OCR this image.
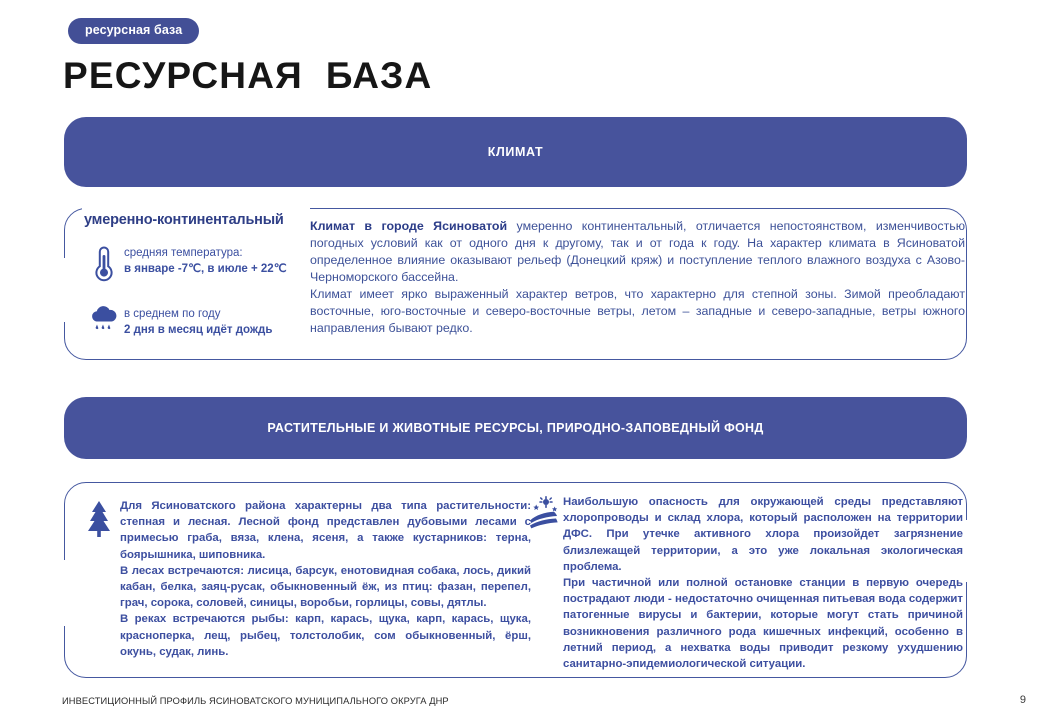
ресурсная база
РЕСУРСНАЯ  БАЗА
КЛИМАТ
умеренно-континентальный
средняя температура:
в январе -7℃, в июле + 22℃
в среднем по году
2 дня в месяц идёт дождь

Климат в городе Ясиноватой умеренно континентальный, отличается непостоянством, изменчивостью погодных условий как от одного дня к другому, так и от года к году. На характер климата в Ясиноватой определенное влияние оказывают рельеф (Донецкий кряж) и поступление теплого влажного воздуха с Азово-Черноморского бассейна.

Климат имеет ярко выраженный характер ветров, что характерно для степной зоны. Зимой преобладают восточные, юго-восточные и северо-восточные ветры, летом – западные и северо-западные, ветры южного направления бывают редко.

РАСТИТЕЛЬНЫЕ И ЖИВОТНЫЕ РЕСУРСЫ, ПРИРОДНО-ЗАПОВЕДНЫЙ ФОНД

Для Ясиноватского района характерны два типа растительности: степная и лесная. Лесной фонд представлен дубовыми лесами с примесью граба, вяза, клена, ясеня, а также кустарников: терна, боярышника, шиповника.

В лесах встречаются: лисица, барсук, енотовидная собака, лось, дикий кабан, белка, заяц-русак, обыкновенный ёж, из птиц: фазан, перепел, грач, сорока, соловей, синицы, воробьи, горлицы, совы, дятлы.

В реках встречаются рыбы: карп, карась, щука, карп, карась, щука, красноперка, лещ, рыбец, толстолобик, сом обыкновенный, ёрш, окунь, судак, линь.

Наибольшую опасность для окружающей среды представляют хлоропроводы и склад хлора, который расположен на территории ДФС. При утечке активного хлора произойдет загрязнение близлежащей территории, а это уже локальная экологическая проблема.

При частичной или полной остановке станции в первую очередь пострадают люди - недостаточно очищенная питьевая вода содержит патогенные вирусы и бактерии, которые могут стать причиной возникновения различного рода кишечных инфекций, особенно в летний период, а нехватка воды приводит резкому ухудшению санитарно-эпидемиологической ситуации.

ИНВЕСТИЦИОННЫЙ ПРОФИЛЬ ЯСИНОВАТСКОГО МУНИЦИПАЛЬНОГО ОКРУГА ДНР	9
